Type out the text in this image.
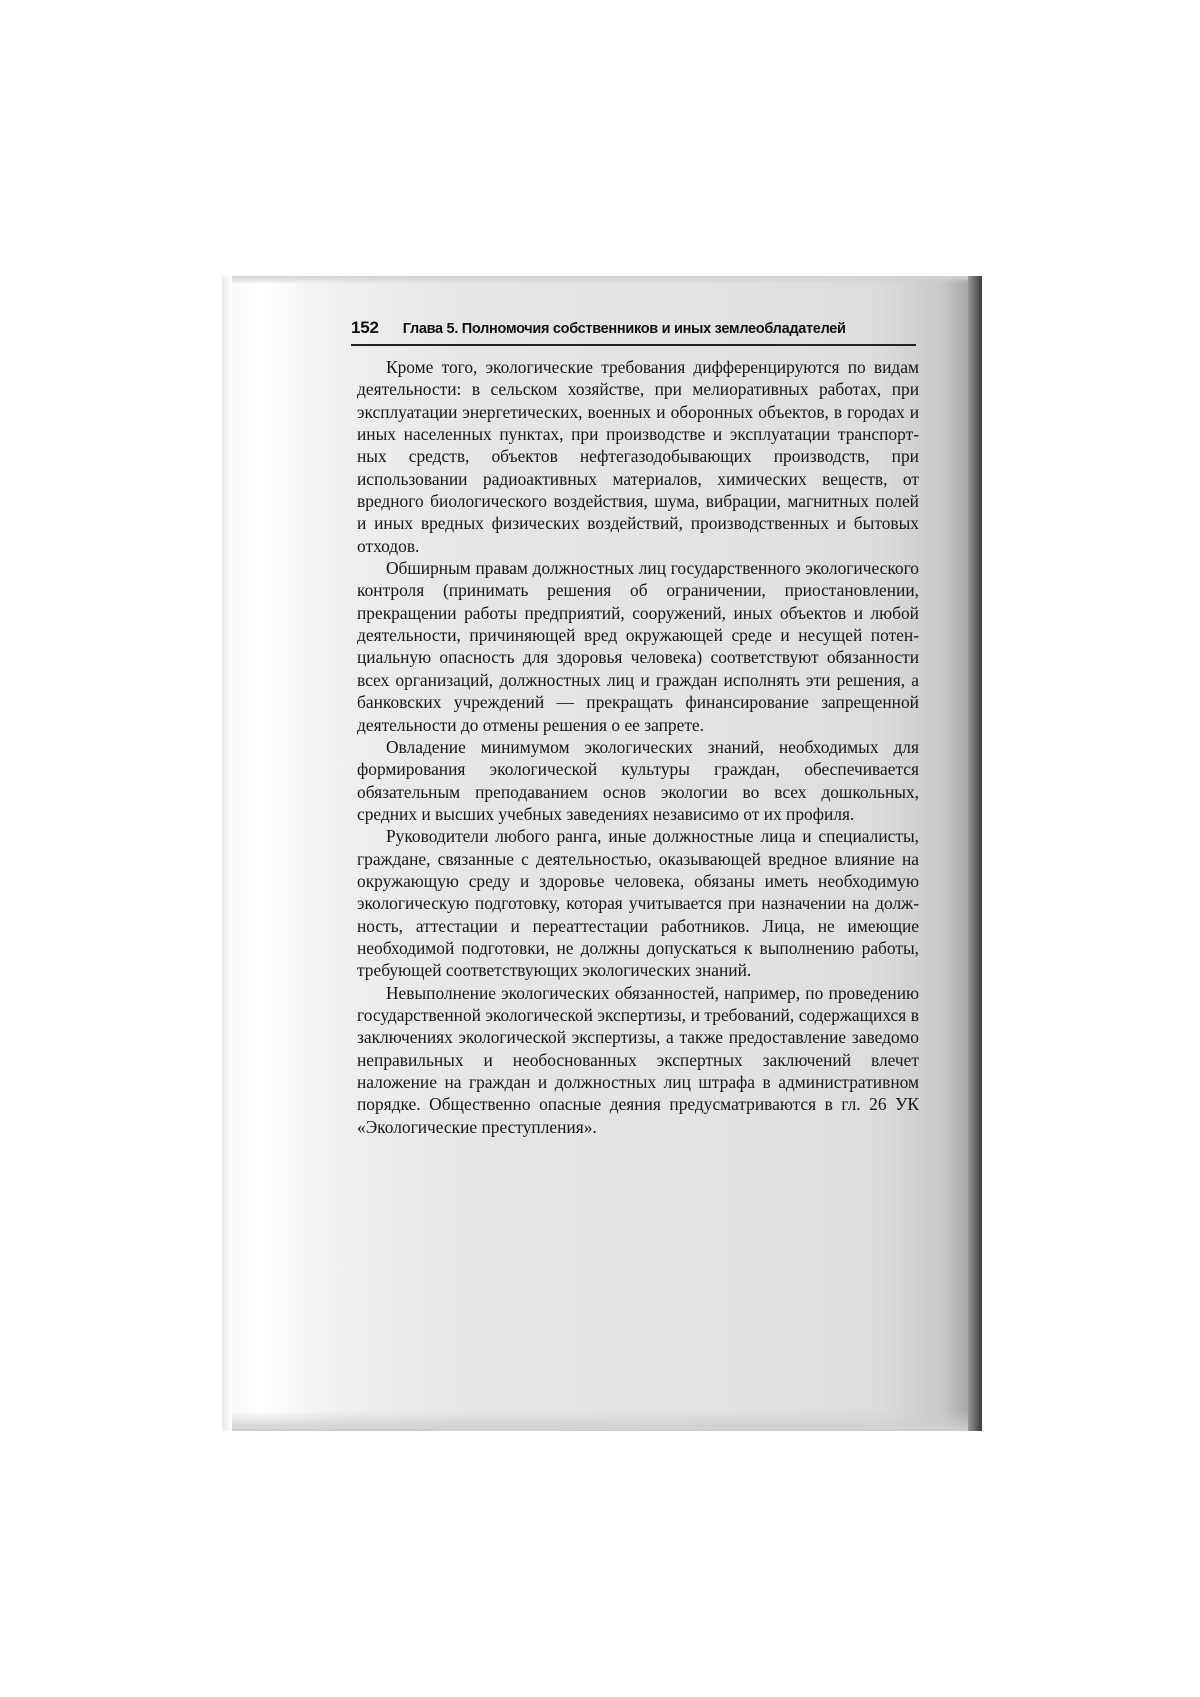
152 Глава 5. Полномочия собственников и иных землеобладателей

Кроме того, экологические требования дифференцируются по видам деятельности: в сельском хозяйстве, при мелиоративных работах, при эксплуатации энергетических, военных и оборонных объектов, в городах и иных населенных пунктах, при производстве и эксплуатации транспортных средств, объектов нефтегазодобывающих производств, при использовании радиоактивных материалов, химических веществ, от вредного биологического воздействия, шума, вибрации, магнитных полей и иных вредных физических воздействий, производственных и бытовых отходов.

Обширным правам должностных лиц государственного экологического контроля (принимать решения об ограничении, приостановлении, прекращении работы предприятий, сооружений, иных объектов и любой деятельности, причиняющей вред окружающей среде и несущей потенциальную опасность для здоровья человека) соответствуют обязанности всех организаций, должностных лиц и граждан исполнять эти решения, а банковских учреждений — прекращать финансирование запрещенной деятельности до отмены решения о ее запрете.

Овладение минимумом экологических знаний, необходимых для формирования экологической культуры граждан, обеспечивается обязательным преподаванием основ экологии во всех дошкольных, средних и высших учебных заведениях независимо от их профиля.

Руководители любого ранга, иные должностные лица и специалисты, граждане, связанные с деятельностью, оказывающей вредное влияние на окружающую среду и здоровье человека, обязаны иметь необходимую экологическую подготовку, которая учитывается при назначении на должность, аттестации и переаттестации работников. Лица, не имеющие необходимой подготовки, не должны допускаться к выполнению работы, требующей соответствующих экологических знаний.

Невыполнение экологических обязанностей, например, по проведению государственной экологической экспертизы, и требований, содержащихся в заключениях экологической экспертизы, а также предоставление заведомо неправильных и необоснованных экспертных заключений влечет наложение на граждан и должностных лиц штрафа в административном порядке. Общественно опасные деяния предусматриваются в гл. 26 УК «Экологические преступления».
